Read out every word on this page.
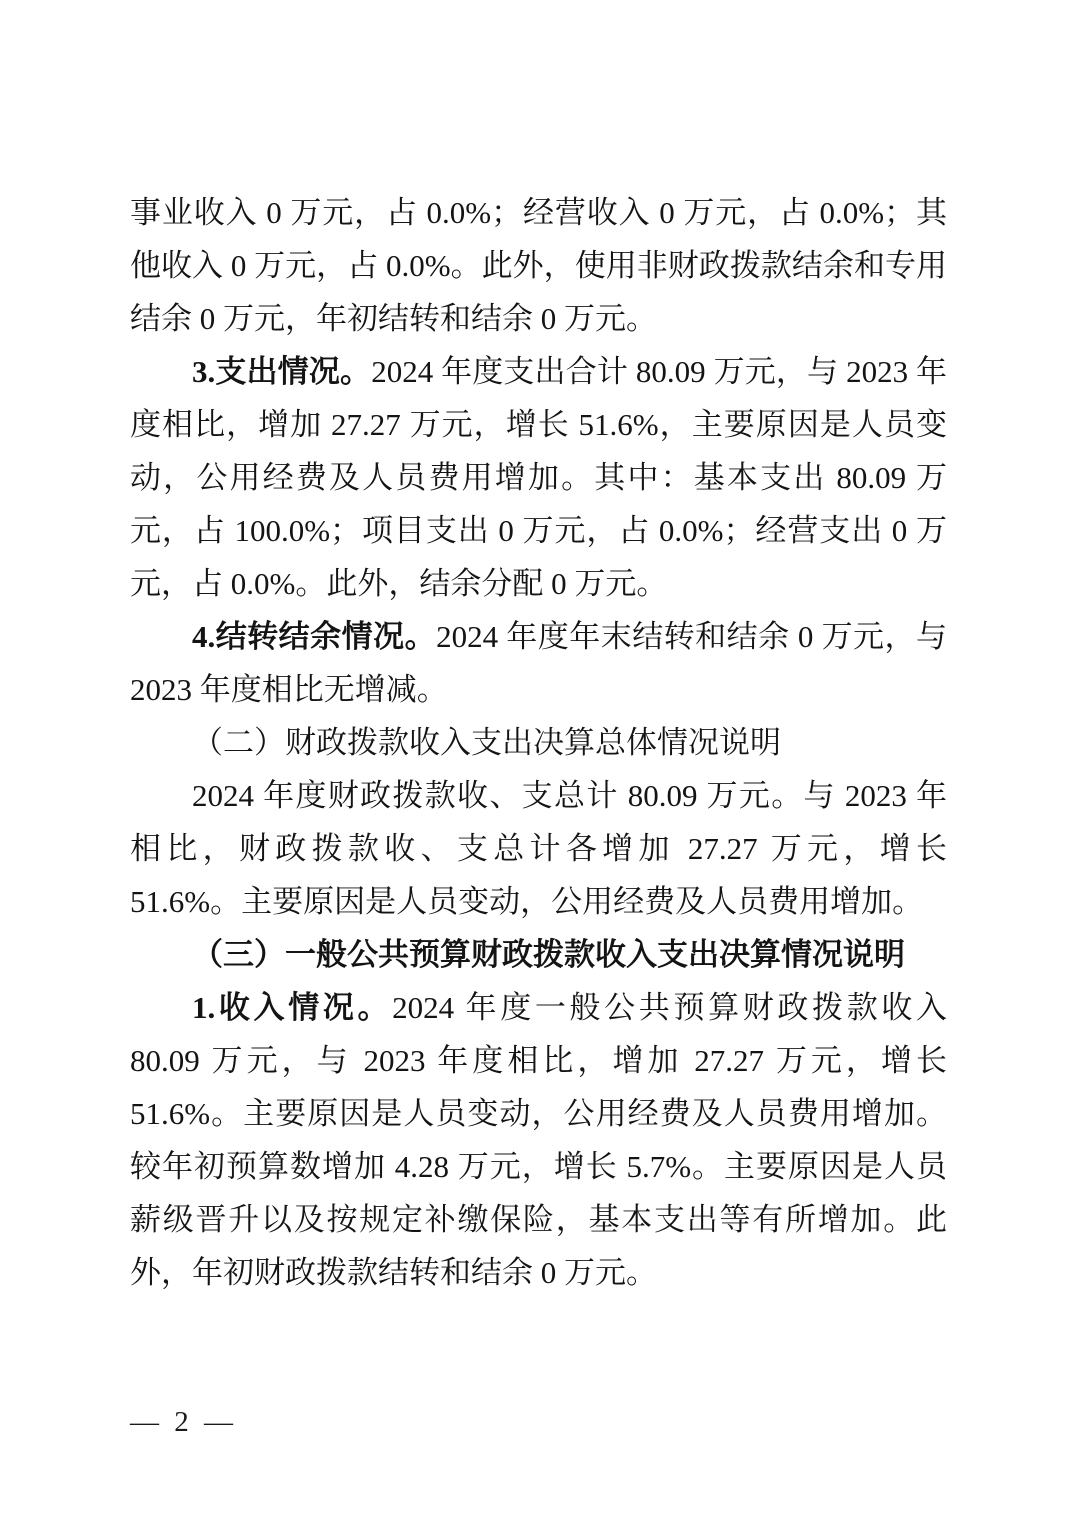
事业收入 0 万元，占 0.0%；经营收入 0 万元，占 0.0%；其他收入 0 万元，占 0.0%。此外，使用非财政拨款结余和专用结余 0 万元，年初结转和结余 0 万元。

3.支出情况。2024 年度支出合计 80.09 万元，与 2023 年度相比，增加 27.27 万元，增长 51.6%，主要原因是人员变动，公用经费及人员费用增加。其中：基本支出 80.09 万元，占 100.0%；项目支出 0 万元，占 0.0%；经营支出 0 万元，占 0.0%。此外，结余分配 0 万元。

4.结转结余情况。2024 年度年末结转和结余 0 万元，与 2023 年度相比无增减。

（二）财政拨款收入支出决算总体情况说明

2024 年度财政拨款收、支总计 80.09 万元。与 2023 年相比，财政拨款收、支总计各增加 27.27 万元，增长 51.6%。主要原因是人员变动，公用经费及人员费用增加。

（三）一般公共预算财政拨款收入支出决算情况说明

1.收入情况。2024 年度一般公共预算财政拨款收入 80.09 万元，与 2023 年度相比，增加 27.27 万元，增长 51.6%。主要原因是人员变动，公用经费及人员费用增加。较年初预算数增加 4.28 万元，增长 5.7%。主要原因是人员薪级晋升以及按规定补缴保险，基本支出等有所增加。此外，年初财政拨款结转和结余 0 万元。

— 2 —
